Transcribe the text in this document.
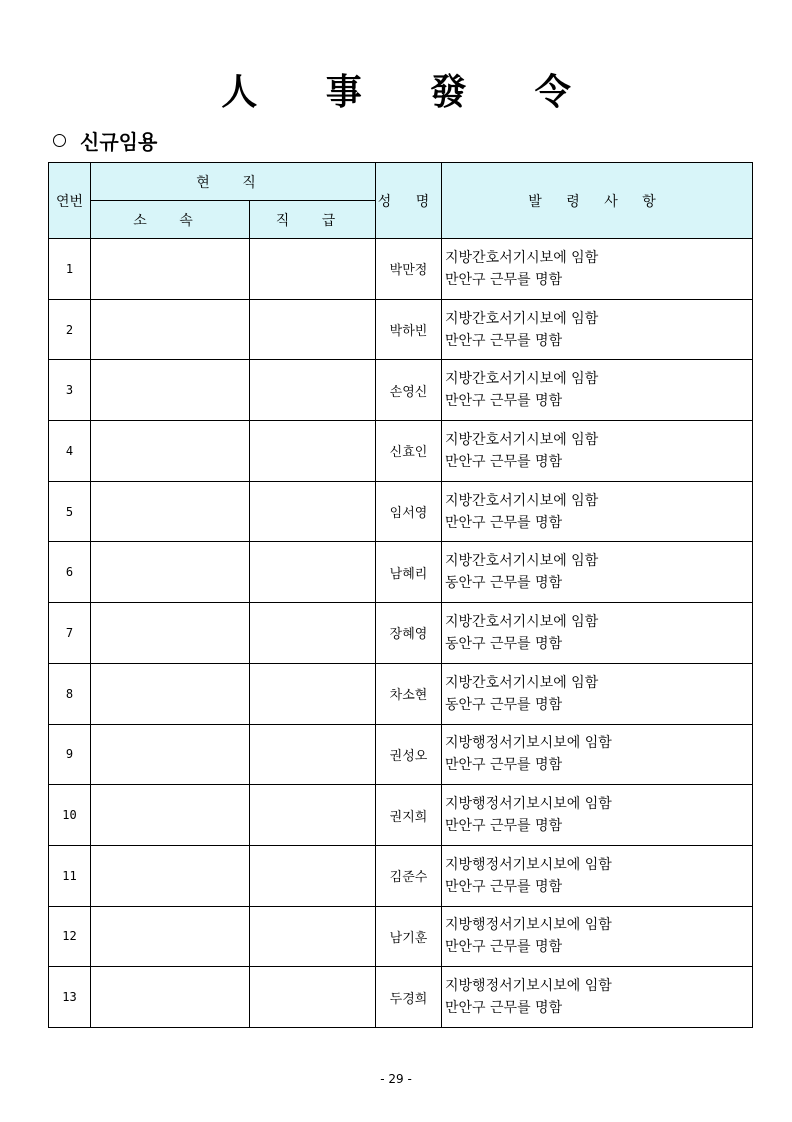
人 事 發 令
신규임용
연번	현 직		성 명	발 령 사 항
	소 속	직 급		
1			박만정	지방간호서기시보에 임함
만안구 근무를 명함

2			박하빈	지방간호서기시보에 임함
만안구 근무를 명함

3			손영신	지방간호서기시보에 임함
만안구 근무를 명함

4			신효인	지방간호서기시보에 임함
만안구 근무를 명함

5			임서영	지방간호서기시보에 임함
만안구 근무를 명함

6			남혜리	지방간호서기시보에 임함
동안구 근무를 명함

7			장혜영	지방간호서기시보에 임함
동안구 근무를 명함

8			차소현	지방간호서기시보에 임함
동안구 근무를 명함

9			권성오	지방행정서기보시보에 임함
만안구 근무를 명함

10			권지희	지방행정서기보시보에 임함
만안구 근무를 명함

11			김준수	지방행정서기보시보에 임함
만안구 근무를 명함

12			남기훈	지방행정서기보시보에 임함
만안구 근무를 명함

13			두경희	지방행정서기보시보에 임함
만안구 근무를 명함
- 29 -
